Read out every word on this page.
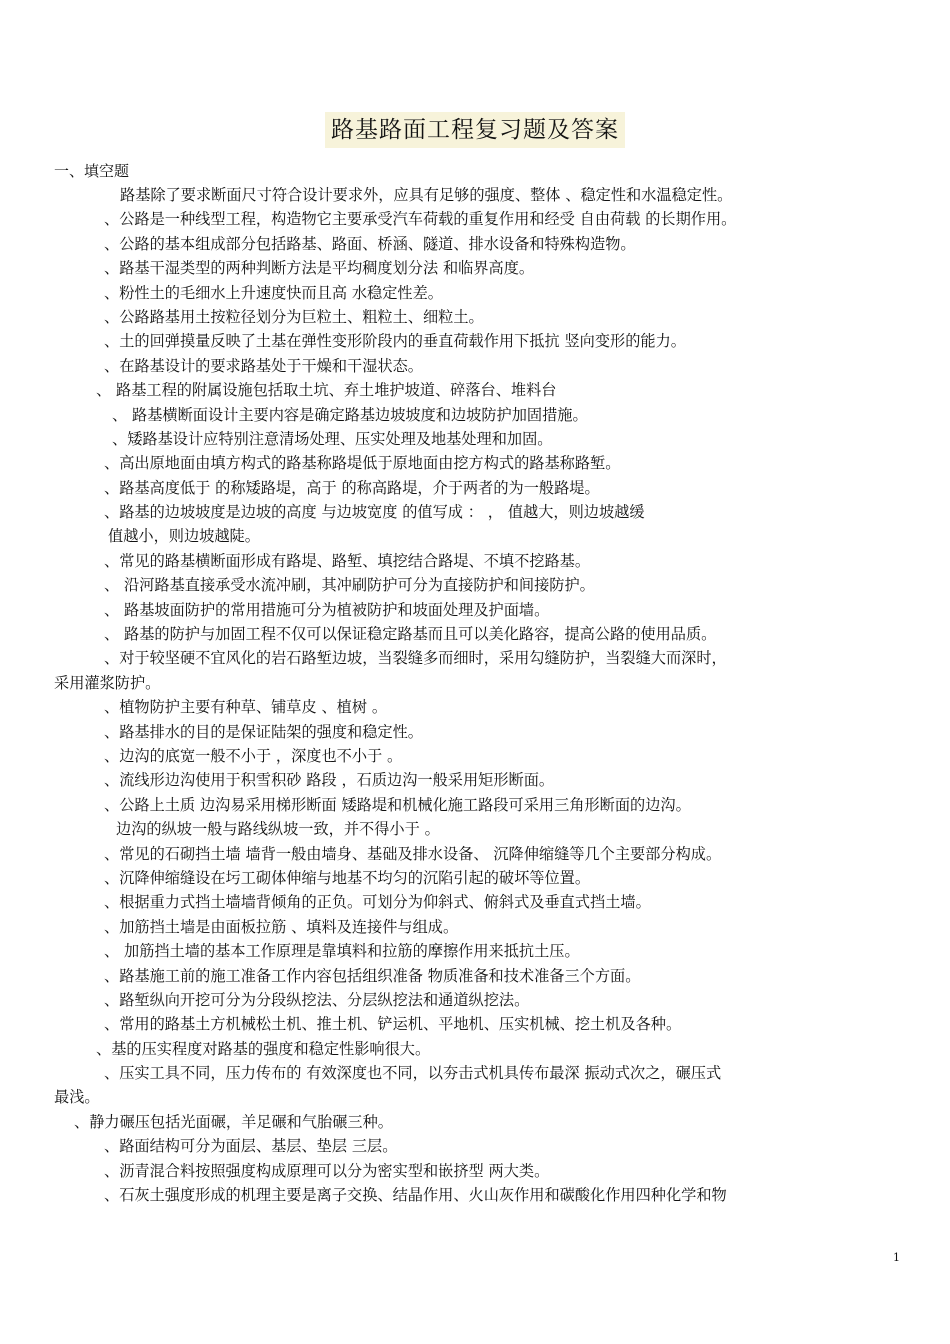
路基路面工程复习题及答案
一、填空题
路基除了要求断面尺寸符合设计要求外，应具有足够的强度、整体 、稳定性和水温稳定性。
、公路是一种线型工程，构造物它主要承受汽车荷载的重复作用和经受 自由荷载 的长期作用。
、公路的基本组成部分包括路基、路面、桥涵、隧道、排水设备和特殊构造物。
、路基干湿类型的两种判断方法是平均稠度划分法 和临界高度。
、粉性土的毛细水上升速度快而且高 水稳定性差。
、公路路基用土按粒径划分为巨粒土、粗粒土、细粒土。
、土的回弹摸量反映了土基在弹性变形阶段内的垂直荷载作用下抵抗 竖向变形的能力。
、在路基设计的要求路基处于干燥和干湿状态。
、 路基工程的附属设施包括取土坑、弃土堆护坡道、碎落台、堆料台
、 路基横断面设计主要内容是确定路基边坡坡度和边坡防护加固措施。
、矮路基设计应特别注意清场处理、压实处理及地基处理和加固。
、高出原地面由填方构式的路基称路堤低于原地面由挖方构式的路基称路堑。
、路基高度低于 的称矮路堤，高于 的称高路堤，介于两者的为一般路堤。
、路基的边坡坡度是边坡的高度 与边坡宽度 的值写成 ： ， 值越大，则边坡越缓
值越小，则边坡越陡。
、常见的路基横断面形成有路堤、路堑、填挖结合路堤、不填不挖路基。
、 沿河路基直接承受水流冲刷，其冲刷防护可分为直接防护和间接防护。
、 路基坡面防护的常用措施可分为植被防护和坡面处理及护面墙。
、 路基的防护与加固工程不仅可以保证稳定路基而且可以美化路容，提高公路的使用品质。
、对于较坚硬不宜风化的岩石路堑边坡，当裂缝多而细时，采用勾缝防护，当裂缝大而深时，
采用灌浆防护。
、植物防护主要有种草、铺草皮 、植树 。
、路基排水的目的是保证陆架的强度和稳定性。
、边沟的底宽一般不小于 ，深度也不小于 。
、流线形边沟使用于积雪积砂 路段 ，石质边沟一般采用矩形断面。
、公路上土质 边沟易采用梯形断面 矮路堤和机械化施工路段可采用三角形断面的边沟。
边沟的纵坡一般与路线纵坡一致，并不得小于 。
、常见的石砌挡土墙 墙背一般由墙身、基础及排水设备、 沉降伸缩缝等几个主要部分构成。
、沉降伸缩缝设在圬工砌体伸缩与地基不均匀的沉陷引起的破坏等位置。
、根据重力式挡土墙墙背倾角的正负。可划分为仰斜式、俯斜式及垂直式挡土墙。
、加筋挡土墙是由面板拉筋 、填料及连接件与组成。
、 加筋挡土墙的基本工作原理是靠填料和拉筋的摩擦作用来抵抗土压。
、路基施工前的施工准备工作内容包括组织准备 物质准备和技术准备三个方面。
、路堑纵向开挖可分为分段纵挖法、分层纵挖法和通道纵挖法。
、常用的路基土方机械松土机、推土机、铲运机、平地机、压实机械、挖土机及各种。
、基的压实程度对路基的强度和稳定性影响很大。
、压实工具不同，压力传布的 有效深度也不同，以夯击式机具传布最深 振动式次之，碾压式
最浅。
、静力碾压包括光面碾，羊足碾和气胎碾三种。
、路面结构可分为面层、基层、垫层 三层。
、沥青混合料按照强度构成原理可以分为密实型和嵌挤型 两大类。
、石灰土强度形成的机理主要是离子交换、结晶作用、火山灰作用和碳酸化作用四种化学和物
1
